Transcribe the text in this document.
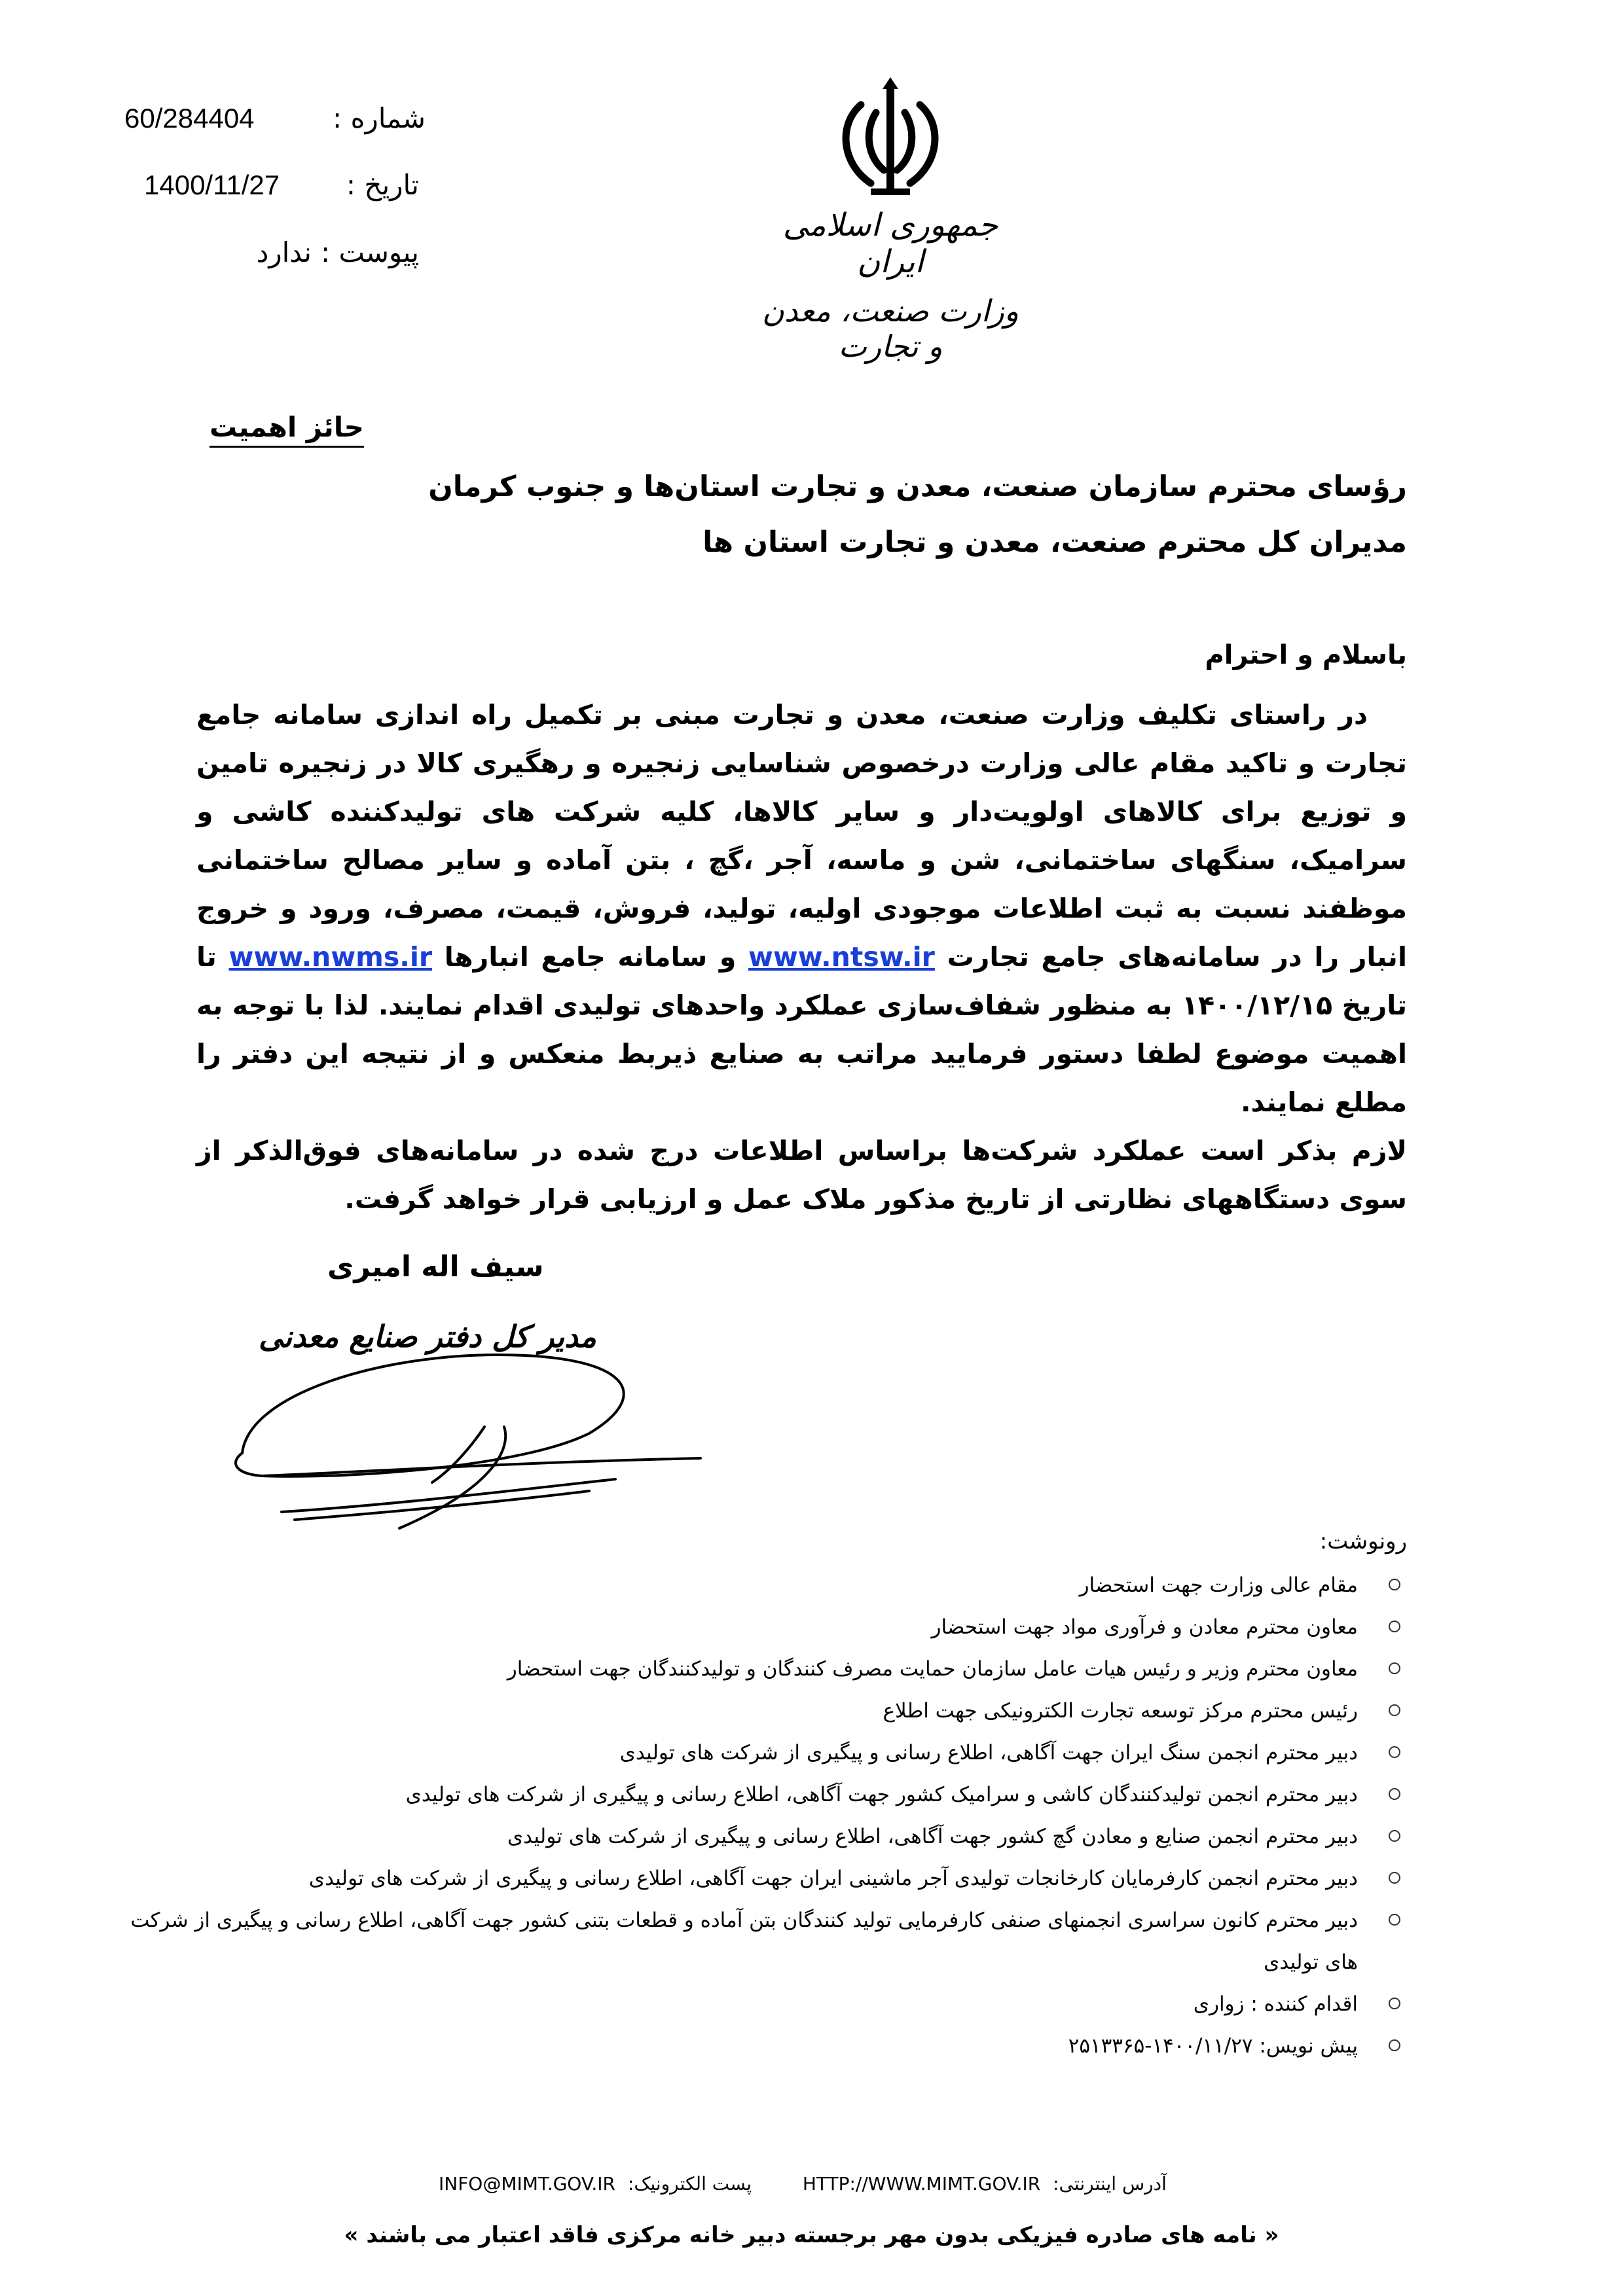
60/284404	شماره :
1400/11/27 تاریخ :
ندارد پیوست :
جمهوری اسلامی ایران
وزارت صنعت، معدن و تجارت
حائز اهمیت
رؤسای محترم سازمان صنعت، معدن و تجارت استان‌ها و جنوب کرمان
مدیران کل محترم صنعت، معدن و تجارت استان ها
باسلام و احترام

در راستای تکلیف وزارت صنعت، معدن و تجارت مبنی بر تکمیل راه اندازی سامانه جامع تجارت و تاکید مقام عالی وزارت درخصوص شناسایی زنجیره و رهگیری کالا در زنجیره تامین و توزیع برای کالاهای اولویت‌دار و سایر کالاها، کلیه شرکت های تولیدکننده کاشی و سرامیک، سنگهای ساختمانی، شن و ماسه، آجر ،گچ ، بتن آماده و سایر مصالح ساختمانی موظفند نسبت به ثبت اطلاعات موجودی اولیه، تولید، فروش، قیمت، مصرف، ورود و خروج انبار را در سامانه‌های جامع تجارت www.ntsw.ir و سامانه جامع انبارها www.nwms.ir تا تاریخ ۱۴۰۰/۱۲/۱۵ به منظور شفاف‌سازی عملکرد واحدهای تولیدی اقدام نمایند. لذا با توجه به اهمیت موضوع لطفا دستور فرمایید مراتب به صنایع ذیربط منعکس و از نتیجه این دفتر را مطلع نمایند.

لازم بذکر است عملکرد شرکت‌ها براساس اطلاعات درج شده در سامانه‌های فوق‌الذکر از سوی دستگاههای نظارتی از تاریخ مذکور ملاک عمل و ارزیابی قرار خواهد گرفت.

سیف اله امیری
مدیر کل دفتر صنایع معدنی
رونوشت:
مقام عالی وزارت جهت استحضار
معاون محترم معادن و فرآوری مواد جهت استحضار
معاون محترم وزیر و رئیس هیات عامل سازمان حمایت مصرف کنندگان و تولیدکنندگان جهت استحضار
رئیس محترم مرکز توسعه تجارت الکترونیکی جهت اطلاع
دبیر محترم انجمن سنگ ایران جهت آگاهی، اطلاع رسانی و پیگیری از شرکت های تولیدی
دبیر محترم انجمن تولیدکنندگان کاشی و سرامیک کشور جهت آگاهی، اطلاع رسانی و پیگیری از شرکت های تولیدی
دبیر محترم انجمن صنایع و معادن گچ کشور جهت آگاهی، اطلاع رسانی و پیگیری از شرکت های تولیدی
دبیر محترم انجمن کارفرمایان کارخانجات تولیدی آجر ماشینی ایران جهت آگاهی، اطلاع رسانی و پیگیری از شرکت های تولیدی
دبیر محترم کانون سراسری انجمنهای صنفی کارفرمایی تولید کنندگان بتن آماده و قطعات بتنی کشور جهت آگاهی، اطلاع رسانی و پیگیری از شرکت های تولیدی
اقدام کننده : زواری
پیش نویس: ۱۴۰۰/۱۱/۲۷-۲۵۱۳۳۶۵
INFO@MIMT.GOV.IR پست الکترونیک:	HTTP://WWW.MIMT.GOV.IR آدرس اینترنتی:
« نامه های صادره فیزیکی بدون مهر برجسته دبیر خانه مرکزی فاقد اعتبار می باشند »
